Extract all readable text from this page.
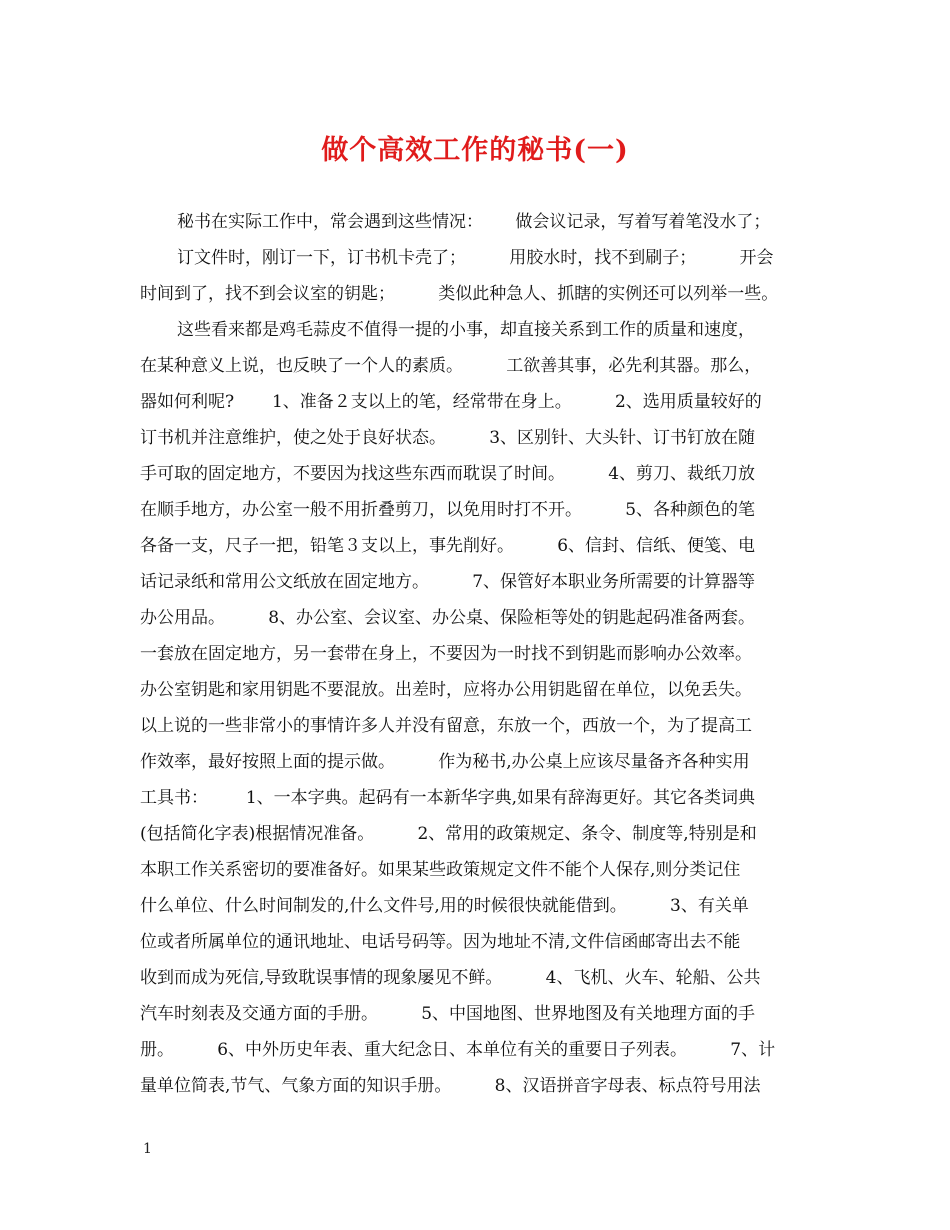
做个高效工作的秘书(一)
秘书在实际工作中，常会遇到这些情况：      做会议记录，写着写着笔没水了；
订文件时，刚订一下，订书机卡壳了；        用胶水时，找不到刷子；        开会
时间到了，找不到会议室的钥匙；        类似此种急人、抓瞎的实例还可以列举一些。
这些看来都是鸡毛蒜皮不值得一提的小事，却直接关系到工作的质量和速度，
在某种意义上说，也反映了一个人的素质。        工欲善其事，必先利其器。那么，
器如何利呢?       1、准备２支以上的笔，经常带在身上。        2、选用质量较好的
订书机并注意维护，使之处于良好状态。        3、区别针、大头针、订书钉放在随
手可取的固定地方，不要因为找这些东西而耽误了时间。        4、剪刀、裁纸刀放
在顺手地方，办公室一般不用折叠剪刀，以免用时打不开。        5、各种颜色的笔
各备一支，尺子一把，铅笔３支以上，事先削好。        6、信封、信纸、便笺、电
话记录纸和常用公文纸放在固定地方。        7、保管好本职业务所需要的计算器等
办公用品。        8、办公室、会议室、办公桌、保险柜等处的钥匙起码准备两套。
一套放在固定地方，另一套带在身上，不要因为一时找不到钥匙而影响办公效率。
办公室钥匙和家用钥匙不要混放。出差时，应将办公用钥匙留在单位，以免丢失。
以上说的一些非常小的事情许多人并没有留意，东放一个，西放一个，为了提高工
作效率，最好按照上面的提示做。        作为秘书,办公桌上应该尽量备齐各种实用
工具书：       1、一本字典。起码有一本新华字典,如果有辞海更好。其它各类词典
(包括简化字表)根据情况准备。        2、常用的政策规定、条令、制度等,特别是和
本职工作关系密切的要准备好。如果某些政策规定文件不能个人保存,则分类记住
什么单位、什么时间制发的,什么文件号,用的时候很快就能借到。        3、有关单
位或者所属单位的通讯地址、电话号码等。因为地址不清,文件信函邮寄出去不能
收到而成为死信,导致耽误事情的现象屡见不鲜。        4、飞机、火车、轮船、公共
汽车时刻表及交通方面的手册。        5、中国地图、世界地图及有关地理方面的手
册。        6、中外历史年表、重大纪念日、本单位有关的重要日子列表。        7、计
量单位简表,节气、气象方面的知识手册。        8、汉语拼音字母表、标点符号用法
1
